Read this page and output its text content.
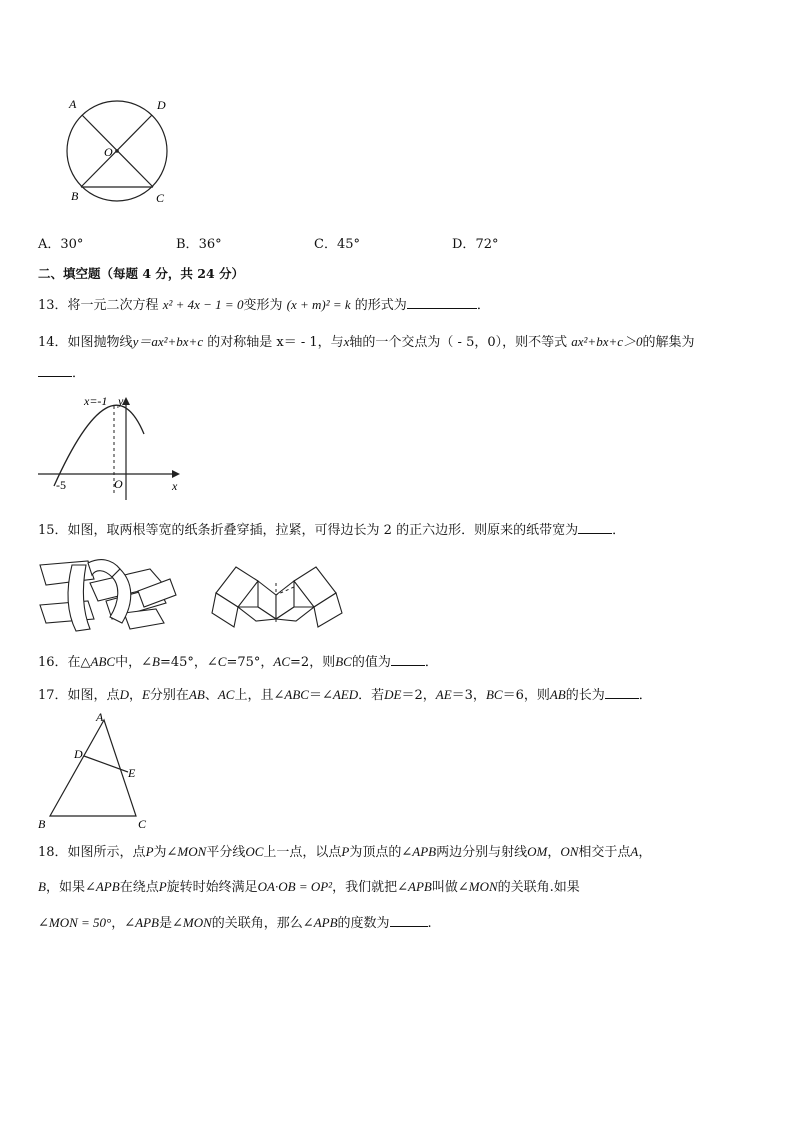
A	D
O
B	C
A．30°	B．36°	C．45°	D．72°
二、填空题（每题 4 分，共 24 分）
13．将一元二次方程 x² + 4x − 1 = 0变形为 (x + m)² = k 的形式为	．
14．如图抛物线y＝ax²+bx+c 的对称轴是 x＝ - 1，与x轴的一个交点为（ - 5，0），则不等式 ax²+bx+c＞0的解集为
．
x=-1 y
x
O
-5
15．如图，取两根等宽的纸条折叠穿插，拉紧，可得边长为 2 的正六边形．则原来的纸带宽为	．
16．在△ABC中，∠B=45°，∠C=75°，AC=2，则BC的值为	．
17．如图，点D，E分别在AB、AC上，且∠ABC＝∠AED．若DE＝2，AE＝3，BC＝6，则AB的长为	．
A
D
E
B	C
18．如图所示，点P为∠MON平分线OC上一点，以点P为顶点的∠APB两边分别与射线OM，ON相交于点A，
B，如果∠APB在绕点P旋转时始终满足OA·OB = OP²，我们就把∠APB叫做∠MON的关联角.如果
∠MON = 50°，∠APB是∠MON的关联角，那么∠APB的度数为	.
